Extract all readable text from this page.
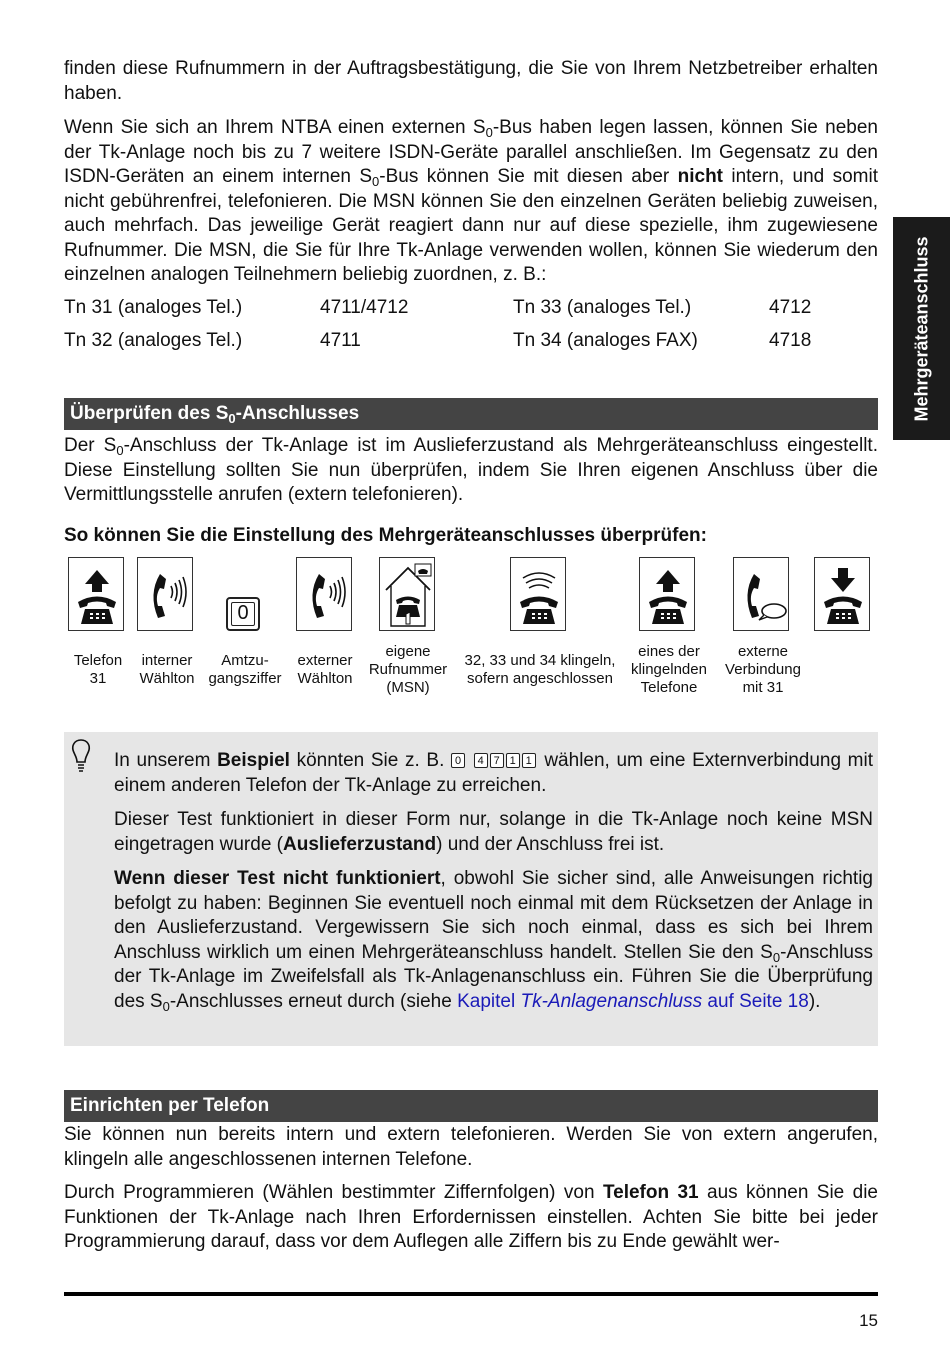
Mehrgeräteanschluss

finden diese Rufnummern in der Auftragsbestätigung, die Sie von Ihrem Netzbetreiber erhalten haben.

Wenn Sie sich an Ihrem NTBA einen externen $S_0$-Bus haben legen lassen, können Sie neben der Tk-Anlage noch bis zu 7 weitere ISDN-Geräte parallel anschließen. Im Gegensatz zu den ISDN-Geräten an einem internen $S_0$-Bus können Sie mit diesen aber nicht intern, und somit nicht gebührenfrei, telefonieren. Die MSN können Sie den einzelnen Geräten beliebig zuweisen, auch mehrfach. Das jeweilige Gerät reagiert dann nur auf diese spezielle, ihm zugewiesene Rufnummer. Die MSN, die Sie für Ihre Tk-Anlage verwenden wollen, können Sie wiederum den einzelnen analogen Teilnehmern beliebig zuordnen, z. B.:

Tn 31 (analoges Tel.)	4711/4712	Tn 33 (analoges Tel.)	4712
Tn 32 (analoges Tel.)	4711	Tn 34 (analoges FAX)	4718
Überprüfen des $S_0$-Anschlusses

Der $S_0$-Anschluss der Tk-Anlage ist im Auslieferzustand als Mehrgeräteanschluss eingestellt. Diese Einstellung sollten Sie nun überprüfen, indem Sie Ihren eigenen Anschluss über die Vermittlungsstelle anrufen (extern telefonieren).

So können Sie die Einstellung des Mehrgeräteanschlusses überprüfen:
0
Telefon
31
interner
Wählton
Amtzu-
gangsziffer
externer
Wählton
eigene
Rufnummer
(MSN)
32, 33 und 34 klingeln,
sofern angeschlossen
eines der
klingelnden
Telefone
externe
Verbindung
mit 31

In unserem Beispiel könnten Sie z. B. 0 4 7 1 1 wählen, um eine Externverbindung mit einem anderen Telefon der Tk-Anlage zu erreichen.

Dieser Test funktioniert in dieser Form nur, solange in die Tk-Anlage noch keine MSN eingetragen wurde (Auslieferzustand) und der Anschluss frei ist.

Wenn dieser Test nicht funktioniert, obwohl Sie sicher sind, alle Anweisungen richtig befolgt zu haben: Beginnen Sie eventuell noch einmal mit dem Rücksetzen der Anlage in den Auslieferzustand. Vergewissern Sie sich noch einmal, dass es sich bei Ihrem Anschluss wirklich um einen Mehrgeräteanschluss handelt. Stellen Sie den $S_0$-Anschluss der Tk-Anlage im Zweifelsfall als Tk-Anlagenanschluss ein. Führen Sie die Überprüfung des $S_0$-Anschlusses erneut durch (siehe Kapitel Tk-Anlagenanschluss auf Seite 18).

Einrichten per Telefon

Sie können nun bereits intern und extern telefonieren. Werden Sie von extern angerufen, klingeln alle angeschlossenen internen Telefone.

Durch Programmieren (Wählen bestimmter Ziffernfolgen) von Telefon 31 aus können Sie die Funktionen der Tk-Anlage nach Ihren Erfordernissen einstellen. Achten Sie bitte bei jeder Programmierung darauf, dass vor dem Auflegen alle Ziffern bis zu Ende gewählt wer-

15
